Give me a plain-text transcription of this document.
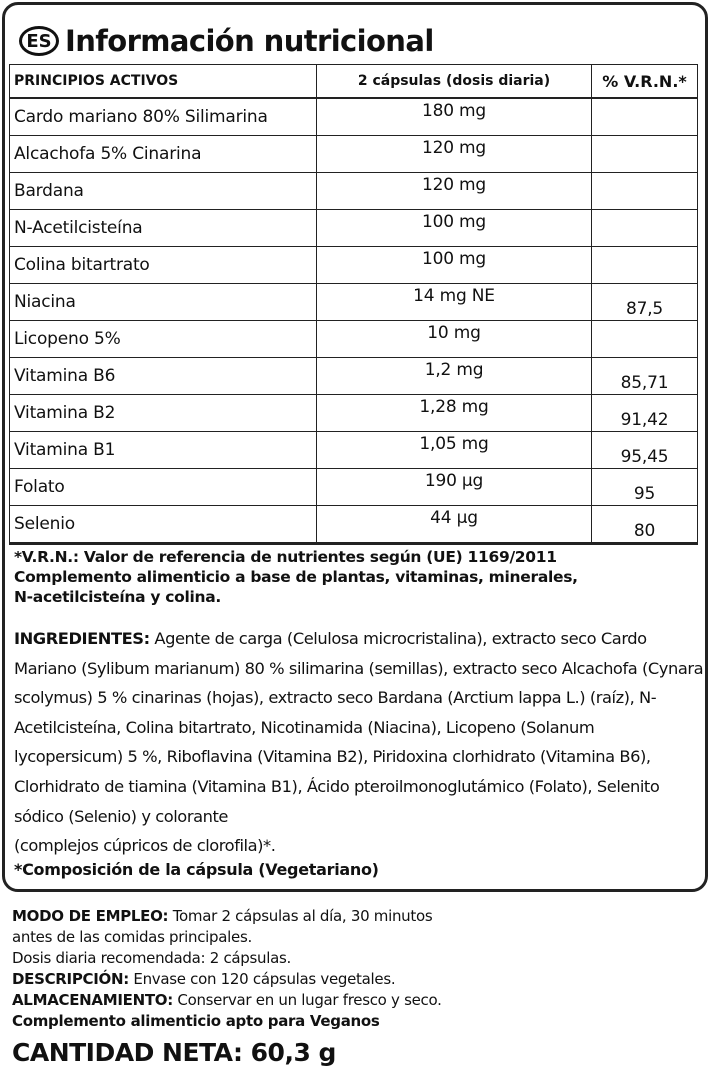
ES Información nutricional
PRINCIPIOS ACTIVOS	2 cápsulas (dosis diaria)	% V.R.N.*
Cardo mariano 80% Silimarina	180 mg	
Alcachofa 5% Cinarina	120 mg	
Bardana	120 mg	
N-Acetilcisteína	100 mg	
Colina bitartrato	100 mg	
Niacina	14 mg NE	87,5
Licopeno 5%	10 mg	
Vitamina B6	1,2 mg	85,71
Vitamina B2	1,28 mg	91,42
Vitamina B1	1,05 mg	95,45
Folato	190 µg	95
Selenio	44 µg	80
*V.R.N.: Valor de referencia de nutrientes según (UE) 1169/2011
Complemento alimenticio a base de plantas, vitaminas, minerales,
N-acetilcisteína y colina.
INGREDIENTES: Agente de carga (Celulosa microcristalina), extracto seco Cardo Mariano (Sylibum marianum) 80 % silimarina (semillas), extracto seco Alcachofa (Cynara scolymus) 5 % cinarinas (hojas), extracto seco Bardana (Arctium lappa L.) (raíz), N-Acetilcisteína, Colina bitartrato, Nicotinamida (Niacina), Licopeno (Solanum lycopersicum) 5 %, Riboflavina (Vitamina B2), Piridoxina clorhidrato (Vitamina B6), Clorhidrato de tiamina (Vitamina B1), Ácido pteroilmonoglutámico (Folato), Selenito sódico (Selenio) y colorante
(complejos cúpricos de clorofila)*.
*Composición de la cápsula (Vegetariano)
MODO DE EMPLEO: Tomar 2 cápsulas al día, 30 minutos
antes de las comidas principales.
Dosis diaria recomendada: 2 cápsulas.
DESCRIPCIÓN: Envase con 120 cápsulas vegetales.
ALMACENAMIENTO: Conservar en un lugar fresco y seco.
Complemento alimenticio apto para Veganos
CANTIDAD NETA: 60,3 g
